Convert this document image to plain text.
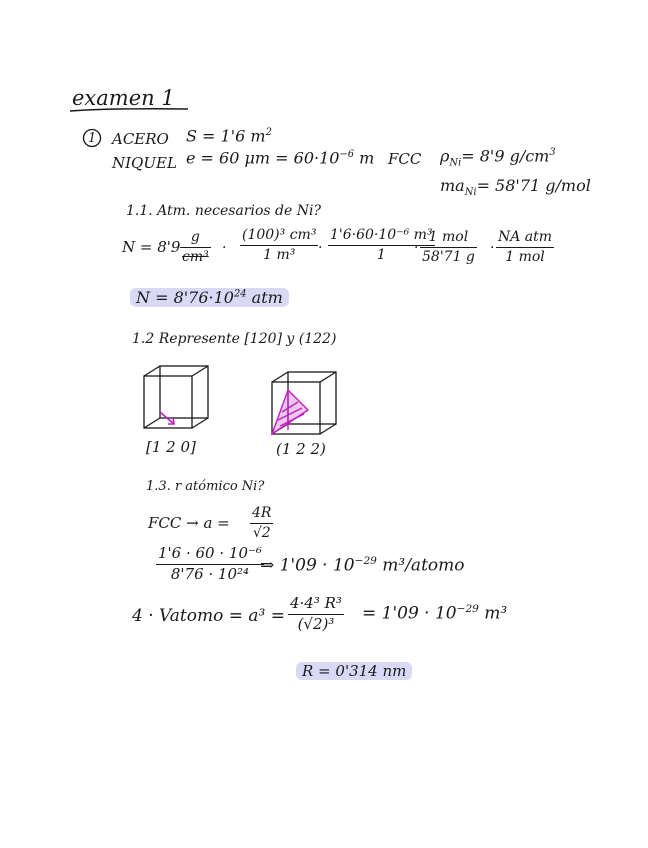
examen 1
1 ACERO S = 1'6 $m^2$
NIQUEL e = 60 $\mu m = 60\cdot 10^{-6}$ m FCC $\rho_{Ni}= 8'9$ $g/cm^3$
$ma_{Ni}= 58'71$ g/mol
1.1. Atm. necesarios de Ni?
N = 8'9
g
cm³
·
(100)³ cm³
1 m³ ·
1'6·60·10⁻⁶ m³
1 ·
1 mol
58'71 g
·
NA atm
1 mol
$N = 8'76\cdot 10^{24}$ atm
1.2 Represente [120] y (122)
[1 2 0]	(1 2 2)
1.3. r atómico Ni?
FCC → a =
4R
√2
1'6 · 60 · 10⁻⁶
8'76 · 10²⁴ ⇒ $1'09 \cdot 10^{-29}$ m³/atomo
4 · Vatomo = a³ =
4·4³ R³
(√2)³
= $1'09 \cdot 10^{-29}$ m³
R = 0'314 nm
